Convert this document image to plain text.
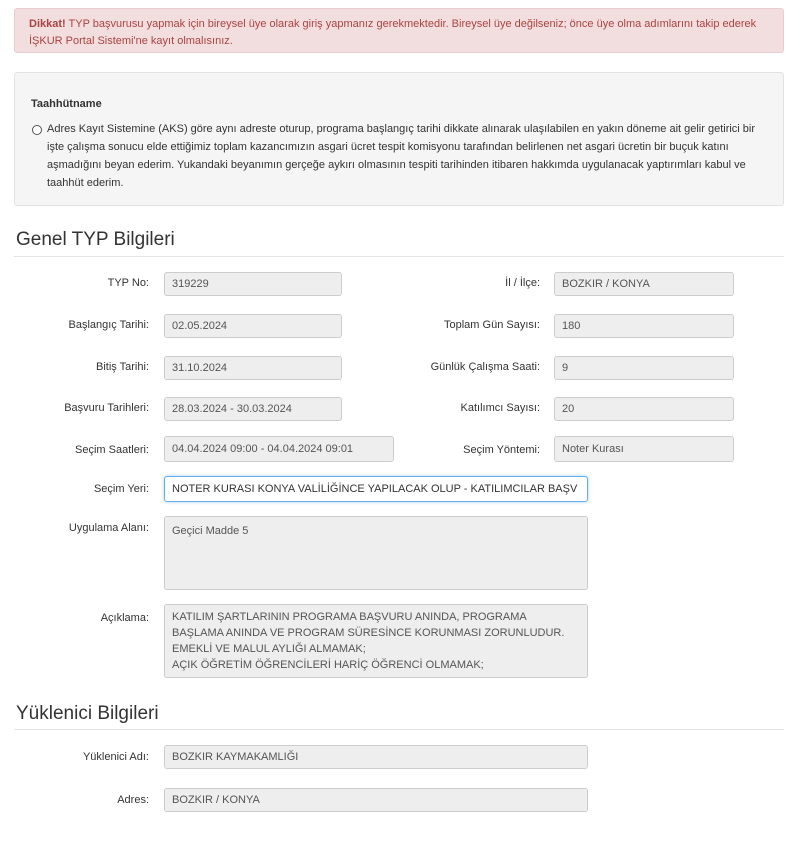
Dikkat! TYP başvurusu yapmak için bireysel üye olarak giriş yapmanız gerekmektedir. Bireysel üye değilseniz; önce üye olma adımlarını takip ederek İŞKUR Portal Sistemi'ne kayıt olmalısınız.
Taahhütname
Adres Kayıt Sistemine (AKS) göre aynı adreste oturup, programa başlangıç tarihi dikkate alınarak ulaşılabilen en yakın döneme ait gelir getirici bir işte çalışma sonucu elde ettiğimiz toplam kazancımızın asgari ücret tespit komisyonu tarafından belirlenen net asgari ücretin bir buçuk katını aşmadığını beyan ederim. Yukandaki beyanımın gerçeğe aykırı olmasının tespiti tarihinden itibaren hakkımda uygulanacak yaptırımları kabul ve taahhüt ederim.
Genel TYP Bilgileri
TYP No:	319229	İl / İlçe:	BOZKIR / KONYA
Başlangıç Tarihi:	02.05.2024	Toplam Gün Sayısı:	180
Bitiş Tarihi:	31.10.2024	Günlük Çalışma Saati:	9
Başvuru Tarihleri:	28.03.2024 - 30.03.2024	Katılımcı Sayısı:	20
Seçim Saatleri:	04.04.2024 09:00 - 04.04.2024 09:01	Seçim Yöntemi:	Noter Kurası
Seçim Yeri:	NOTER KURASI KONYA VALİLİĞİNCE YAPILACAK OLUP - KATILIMCILAR BAŞV
Uygulama Alanı:	Geçici Madde 5
Açıklama:	KATILIM ŞARTLARININ PROGRAMA BAŞVURU ANINDA, PROGRAMA BAŞLAMA ANINDA VE PROGRAM SÜRESİNCE KORUNMASI ZORUNLUDUR.
EMEKLİ VE MALUL AYLIĞI ALMAMAK;
AÇIK ÖĞRETİM ÖĞRENCİLERİ HARİÇ ÖĞRENCİ OLMAMAK;
Yüklenici Bilgileri
Yüklenici Adı:	BOZKIR KAYMAKAMLIĞI
Adres:	BOZKIR / KONYA
